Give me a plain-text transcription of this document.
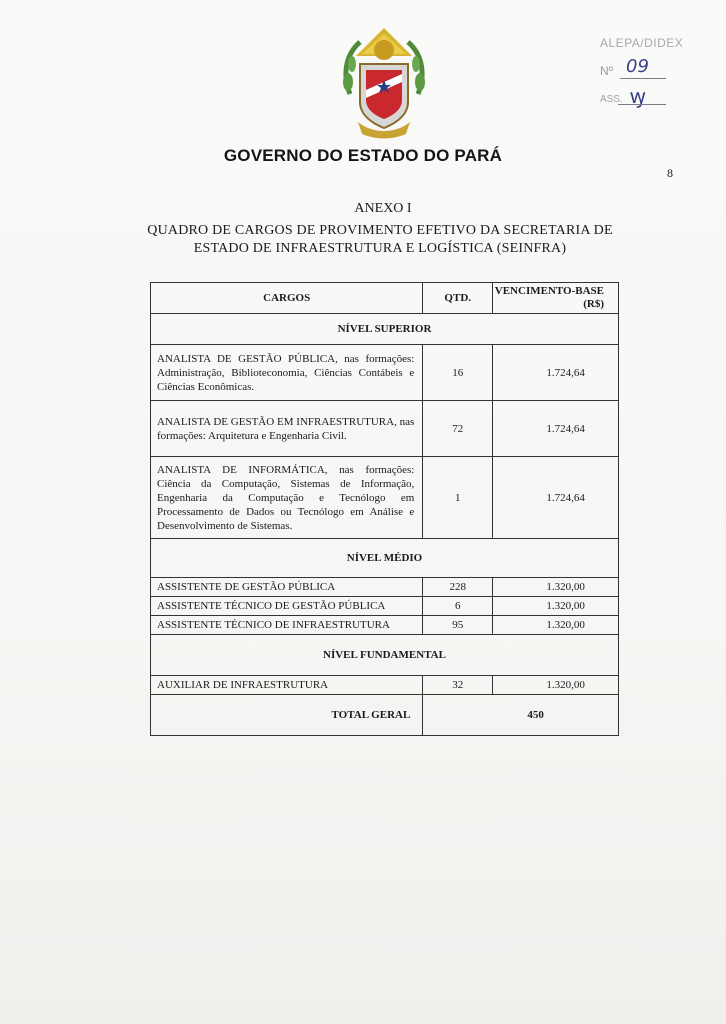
ALEPA/DIDEX
Nº 09
ASS. ꝡ
GOVERNO DO ESTADO DO PARÁ
8
ANEXO I
QUADRO DE CARGOS DE PROVIMENTO EFETIVO DA SECRETARIA DE ESTADO DE INFRAESTRUTURA E LOGÍSTICA (SEINFRA)
CARGOS	QTD.	VENCIMENTO-BASE (R$)
NÍVEL SUPERIOR		
ANALISTA DE GESTÃO PÚBLICA, nas formações: Administração, Biblioteconomia, Ciências Contábeis e Ciências Econômicas.	16	1.724,64
ANALISTA DE GESTÃO EM INFRAESTRUTURA, nas formações: Arquitetura e Engenharia Civil.	72	1.724,64
ANALISTA DE INFORMÁTICA, nas formações: Ciência da Computação, Sistemas de Informação, Engenharia da Computação e Tecnólogo em Processamento de Dados ou Tecnólogo em Análise e Desenvolvimento de Sistemas.	1	1.724,64
NÍVEL MÉDIO		
ASSISTENTE DE GESTÃO PÚBLICA	228	1.320,00
ASSISTENTE TÉCNICO DE GESTÃO PÚBLICA	6	1.320,00
ASSISTENTE TÉCNICO DE INFRAESTRUTURA	95	1.320,00
NÍVEL FUNDAMENTAL		
AUXILIAR DE INFRAESTRUTURA	32	1.320,00
TOTAL GERAL	450	
